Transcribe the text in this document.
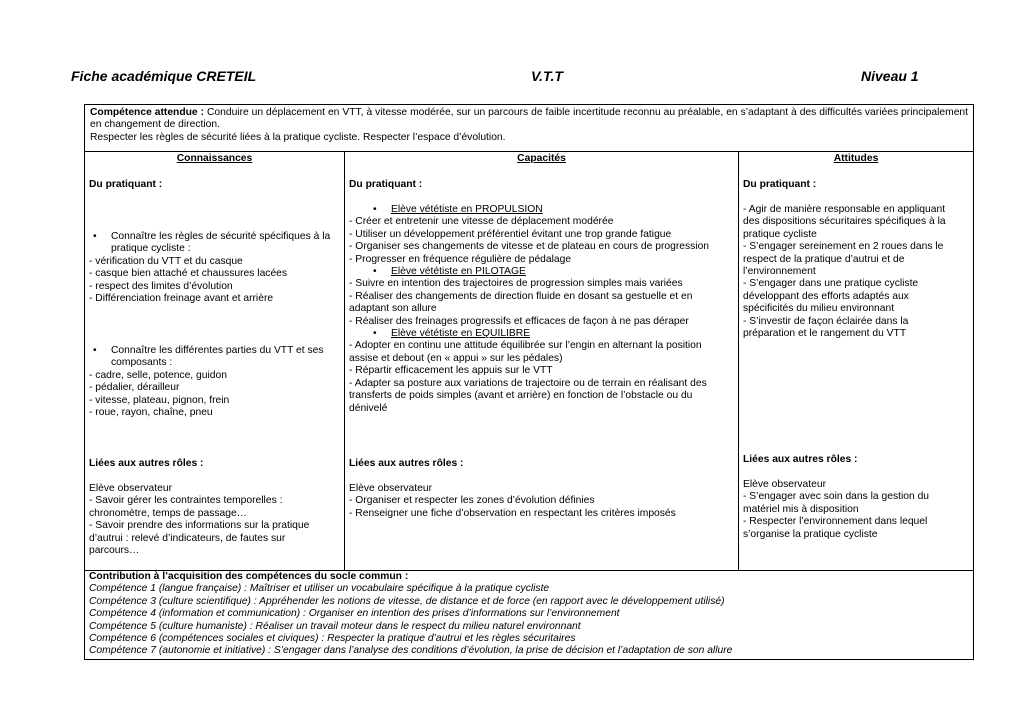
Fiche académique CRETEIL	V.T.T	Niveau 1

Compétence attendue : Conduire un déplacement en VTT, à vitesse modérée, sur un parcours de faible incertitude reconnu au préalable, en s’adaptant à des difficultés variées principalement en changement de direction.

Respecter les règles de sécurité liées à la pratique cycliste. Respecter l’espace d’évolution.

Connaissances
Du pratiquant :
• Connaître les règles de sécurité spécifiques à la pratique cycliste :
- vérification du VTT et du casque
- casque bien attaché et chaussures lacées
- respect des limites d’évolution
- Différenciation freinage avant et arrière
• Connaître les différentes parties du VTT et ses composants :
- cadre, selle, potence, guidon
- pédalier, dérailleur
- vitesse, plateau, pignon, frein
- roue, rayon, chaîne, pneu
Liées aux autres rôles :
Elève observateur
- Savoir gérer les contraintes temporelles :
chronomètre, temps de passage…
- Savoir prendre des informations sur la pratique
d’autrui : relevé d’indicateurs, de fautes sur
parcours…
Capacités
Du pratiquant :
• Elève vététiste en PROPULSION
- Créer et entretenir une vitesse de déplacement modérée
- Utiliser un développement préférentiel évitant une trop grande fatigue
- Organiser ses changements de vitesse et de plateau en cours de progression
- Progresser en fréquence régulière de pédalage
• Elève vététiste en PILOTAGE
- Suivre en intention des trajectoires de progression simples mais variées
- Réaliser des changements de direction fluide en dosant sa gestuelle et en
adaptant son allure
- Réaliser des freinages progressifs et efficaces de façon à ne pas déraper
• Elève vététiste en EQUILIBRE
- Adopter en continu une attitude équilibrée sur l’engin en alternant la position
assise et debout (en « appui » sur les pédales)
- Répartir efficacement les appuis sur le VTT
- Adapter sa posture aux variations de trajectoire ou de terrain en réalisant des
transferts de poids simples (avant et arrière) en fonction de l’obstacle ou du
dénivelé
Liées aux autres rôles :
Elève observateur
- Organiser et respecter les zones d’évolution définies
- Renseigner une fiche d’observation en respectant les critères imposés
Attitudes
Du pratiquant :
- Agir de manière responsable en appliquant
des dispositions sécuritaires spécifiques à la
pratique cycliste
- S’engager sereinement en 2 roues dans le
respect de la pratique d’autrui et de
l’environnement
- S’engager dans une pratique cycliste
développant des efforts adaptés aux
spécificités du milieu environnant
- S’investir de façon éclairée dans la
préparation et le rangement du VTT
Liées aux autres rôles :
Elève observateur
- S’engager avec soin dans la gestion du
matériel mis à disposition
- Respecter l’environnement dans lequel
s’organise la pratique cycliste
Contribution à l’acquisition des compétences du socle commun :
Compétence 1 (langue française) : Maîtriser et utiliser un vocabulaire spécifique à la pratique cycliste
Compétence 3 (culture scientifique) : Appréhender les notions de vitesse, de distance et de force (en rapport avec le développement utilisé)
Compétence 4 (information et communication) : Organiser en intention des prises d’informations sur l’environnement
Compétence 5 (culture humaniste) : Réaliser un travail moteur dans le respect du milieu naturel environnant
Compétence 6 (compétences sociales et civiques) : Respecter la pratique d’autrui et les règles sécuritaires
Compétence 7 (autonomie et initiative) : S’engager dans l’analyse des conditions d’évolution, la prise de décision et l’adaptation de son allure
